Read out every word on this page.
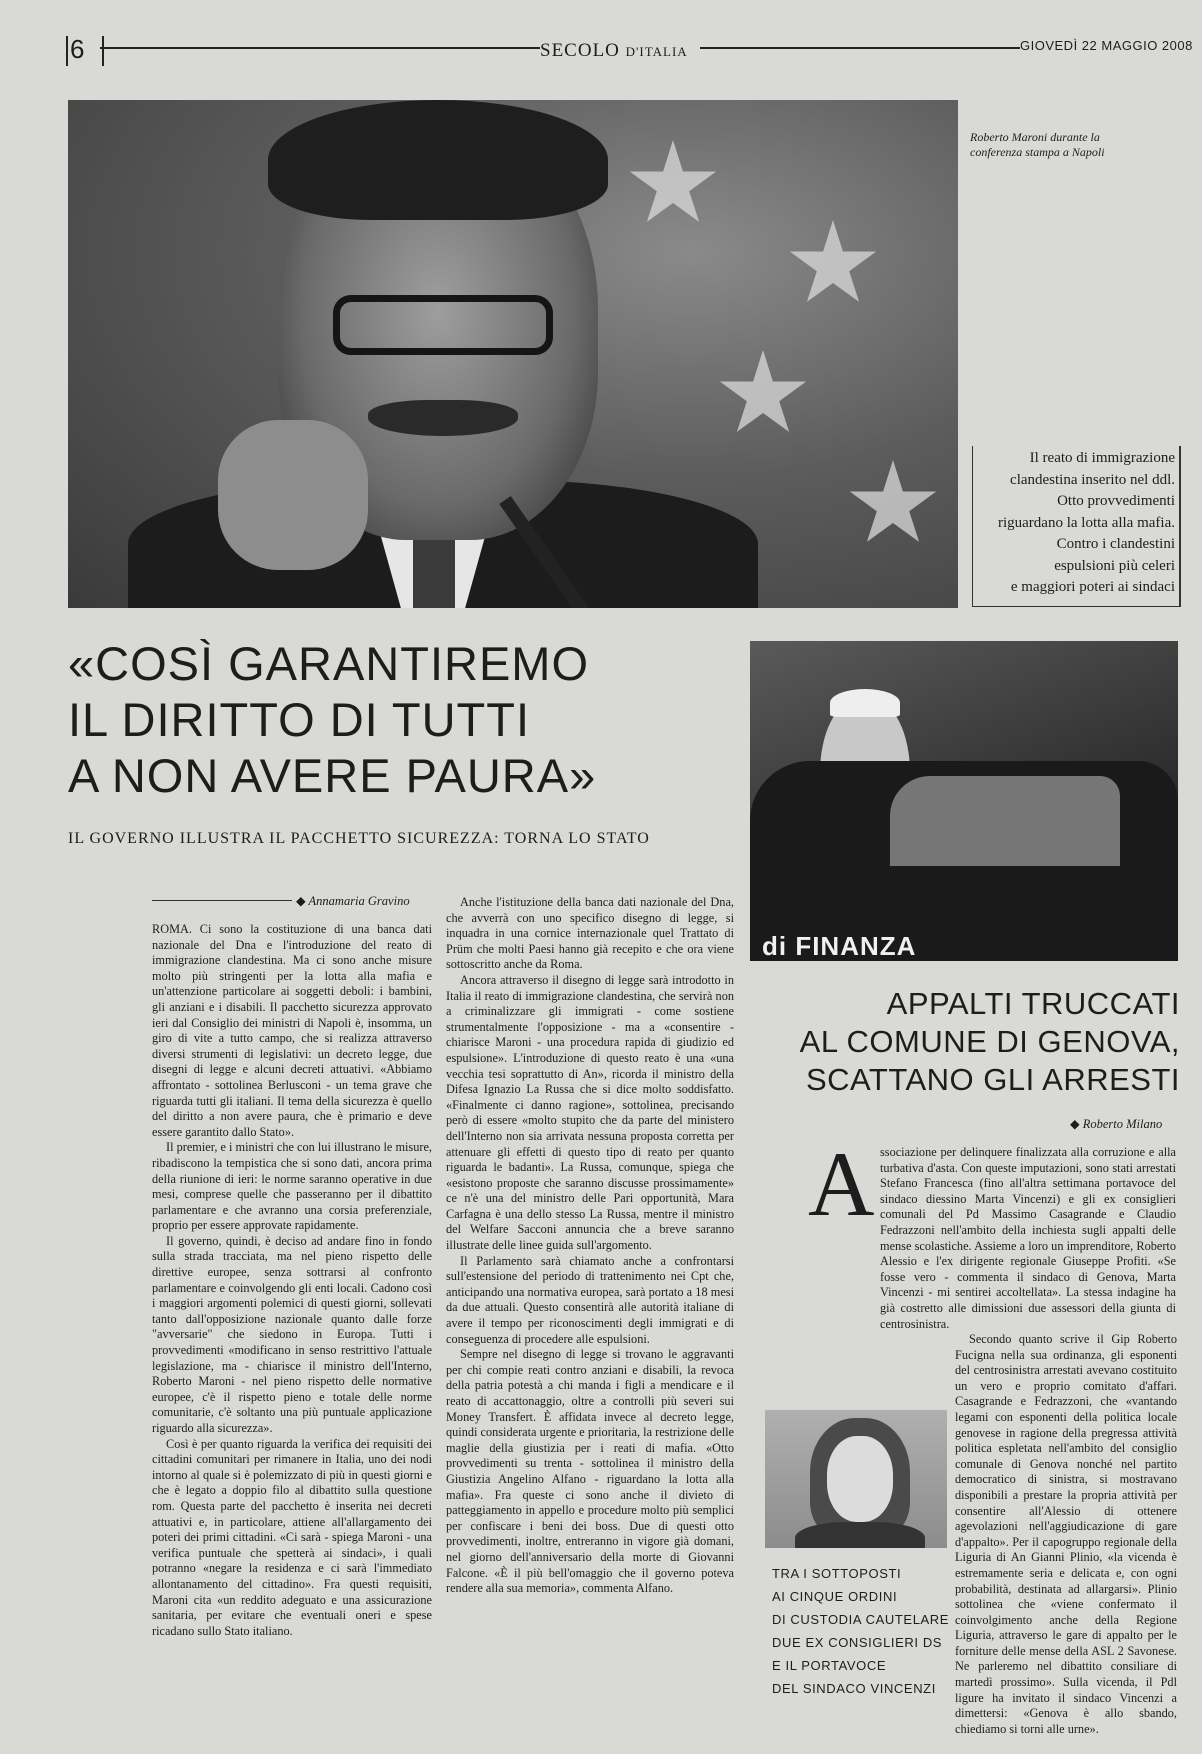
6	SECOLO D'ITALIA	GIOVEDÌ 22 MAGGIO 2008
Roberto Maroni durante la conferenza stampa a Napoli
Il reato di immigrazione
clandestina inserito nel ddl.
Otto provvedimenti
riguardano la lotta alla mafia.
Contro i clandestini
espulsioni più celeri
e maggiori poteri ai sindaci
«COSÌ GARANTIREMO
IL DIRITTO DI TUTTI
A NON AVERE PAURA»
IL GOVERNO ILLUSTRA IL PACCHETTO SICUREZZA: TORNA LO STATO
◆ Annamaria Gravino

ROMA. Ci sono la costituzione di una banca dati nazionale del Dna e l'introduzione del reato di immigrazione clandestina. Ma ci sono anche misure molto più stringenti per la lotta alla mafia e un'attenzione particolare ai soggetti deboli: i bambini, gli anziani e i disabili. Il pacchetto sicurezza approvato ieri dal Consiglio dei ministri di Napoli è, insomma, un giro di vite a tutto campo, che si realizza attraverso diversi strumenti di legislativi: un decreto legge, due disegni di legge e alcuni decreti attuativi. «Abbiamo affrontato - sottolinea Berlusconi - un tema grave che riguarda tutti gli italiani. Il tema della sicurezza è quello del diritto a non avere paura, che è primario e deve essere garantito dallo Stato».

Il premier, e i ministri che con lui illustrano le misure, ribadiscono la tempistica che si sono dati, ancora prima della riunione di ieri: le norme saranno operative in due mesi, comprese quelle che passeranno per il dibattito parlamentare e che avranno una corsia preferenziale, proprio per essere approvate rapidamente.

Il governo, quindi, è deciso ad andare fino in fondo sulla strada tracciata, ma nel pieno rispetto delle direttive europee, senza sottrarsi al confronto parlamentare e coinvolgendo gli enti locali. Cadono così i maggiori argomenti polemici di questi giorni, sollevati tanto dall'opposizione nazionale quanto dalle forze "avversarie" che siedono in Europa. Tutti i provvedimenti «modificano in senso restrittivo l'attuale legislazione, ma - chiarisce il ministro dell'Interno, Roberto Maroni - nel pieno rispetto delle normative europee, c'è il rispetto pieno e totale delle norme comunitarie, c'è soltanto una più puntuale applicazione riguardo alla sicurezza».

Così è per quanto riguarda la verifica dei requisiti dei cittadini comunitari per rimanere in Italia, uno dei nodi intorno al quale si è polemizzato di più in questi giorni e che è legato a doppio filo al dibattito sulla questione rom. Questa parte del pacchetto è inserita nei decreti attuativi e, in particolare, attiene all'allargamento dei poteri dei primi cittadini. «Ci sarà - spiega Maroni - una verifica puntuale che spetterà ai sindaci», i quali potranno «negare la residenza e ci sarà l'immediato allontanamento del cittadino». Fra questi requisiti, Maroni cita «un reddito adeguato e una assicurazione sanitaria, per evitare che eventuali oneri e spese ricadano sullo Stato italiano.

Anche l'istituzione della banca dati nazionale del Dna, che avverrà con uno specifico disegno di legge, si inquadra in una cornice internazionale quel Trattato di Prüm che molti Paesi hanno già recepito e che ora viene sottoscritto anche da Roma.

Ancora attraverso il disegno di legge sarà introdotto in Italia il reato di immigrazione clandestina, che servirà non a criminalizzare gli immigrati - come sostiene strumentalmente l'opposizione - ma a «consentire - chiarisce Maroni - una procedura rapida di giudizio ed espulsione». L'introduzione di questo reato è una «una vecchia tesi soprattutto di An», ricorda il ministro della Difesa Ignazio La Russa che si dice molto soddisfatto. «Finalmente ci danno ragione», sottolinea, precisando però di essere «molto stupito che da parte del ministero dell'Interno non sia arrivata nessuna proposta corretta per attenuare gli effetti di questo tipo di reato per quanto riguarda le badanti». La Russa, comunque, spiega che «esistono proposte che saranno discusse prossimamente» ce n'è una del ministro delle Pari opportunità, Mara Carfagna è una dello stesso La Russa, mentre il ministro del Welfare Sacconi annuncia che a breve saranno illustrate delle linee guida sull'argomento.

Il Parlamento sarà chiamato anche a confrontarsi sull'estensione del periodo di trattenimento nei Cpt che, anticipando una normativa europea, sarà portato a 18 mesi da due attuali. Questo consentirà alle autorità italiane di avere il tempo per riconoscimenti degli immigrati e di conseguenza di procedere alle espulsioni.

Sempre nel disegno di legge si trovano le aggravanti per chi compie reati contro anziani e disabili, la revoca della patria potestà a chi manda i figli a mendicare e il reato di accattonaggio, oltre a controlli più severi sui Money Transfert. È affidata invece al decreto legge, quindi considerata urgente e prioritaria, la restrizione delle maglie della giustizia per i reati di mafia. «Otto provvedimenti su trenta - sottolinea il ministro della Giustizia Angelino Alfano - riguardano la lotta alla mafia». Fra queste ci sono anche il divieto di patteggiamento in appello e procedure molto più semplici per confiscare i beni dei boss. Due di questi otto provvedimenti, inoltre, entreranno in vigore già domani, nel giorno dell'anniversario della morte di Giovanni Falcone. «È il più bell'omaggio che il governo poteva rendere alla sua memoria», commenta Alfano.

di FINANZA
APPALTI TRUCCATI
AL COMUNE DI GENOVA,
SCATTANO GLI ARRESTI
◆ Roberto Milano
A ssociazione per delinquere finalizzata alla corruzione e alla turbativa d'asta. Con queste imputazioni, sono stati arrestati Stefano Francesca (fino all'altra settimana portavoce del sindaco diessino Marta Vincenzi) e gli ex consiglieri comunali del Pd Massimo Casagrande e Claudio Fedrazzoni nell'ambito della inchiesta sugli appalti delle mense scolastiche. Assieme a loro un imprenditore, Roberto Alessio e l'ex dirigente regionale Giuseppe Profiti. «Se fosse vero - commenta il sindaco di Genova, Marta Vincenzi - mi sentirei accoltellata». La stessa indagine ha già costretto alle dimissioni due assessori della giunta di centrosinistra.

Secondo quanto scrive il Gip Roberto Fucigna nella sua ordinanza, gli esponenti del centrosinistra arrestati avevano costituito un vero e proprio comitato d'affari. Casagrande e Fedrazzoni, che «vantando legami con esponenti della politica locale genovese in ragione della pregressa attività politica espletata nell'ambito del consiglio comunale di Genova nonché nel partito democratico di sinistra, si mostravano disponibili a prestare la propria attività per consentire all'Alessio di ottenere agevolazioni nell'aggiudicazione di gare d'appalto». Per il capogruppo regionale della Liguria di An Gianni Plinio, «la vicenda è estremamente seria e delicata e, con ogni probabilità, destinata ad allargarsi». Plinio sottolinea che «viene confermato il coinvolgimento anche della Regione Liguria, attraverso le gare di appalto per le forniture delle mense della ASL 2 Savonese. Ne parleremo nel dibattito consiliare di martedì prossimo». Sulla vicenda, il Pdl ligure ha invitato il sindaco Vincenzi a dimettersi: «Genova è allo sbando, chiediamo si torni alle urne».

TRA I SOTTOPOSTI
AI CINQUE ORDINI
DI CUSTODIA CAUTELARE
DUE EX CONSIGLIERI DS
E IL PORTAVOCE
DEL SINDACO VINCENZI
